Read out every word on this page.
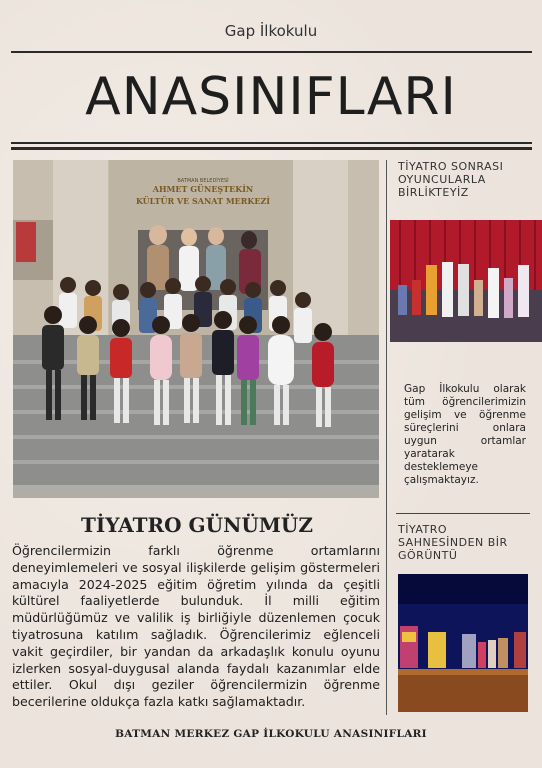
Gap İlkokulu
ANASINIFLARI
BATMAN BELEDİYESİ
AHMET GÜNEŞTEKİN
KÜLTÜR VE SANAT MERKEZİ
TİYATRO SONRASI OYUNCULARLA BİRLİKTEYİZ
Gap İlkokulu olarak tüm öğrencilerimizin gelişim ve öğrenme süreçlerini onlara uygun ortamlar yaratarak desteklemeye çalışmaktayız.
TİYATRO SAHNESİNDEN BİR GÖRÜNTÜ
TİYATRO GÜNÜMÜZ
Öğrencilermizin farklı öğrenme ortamlarını deneyimlemeleri ve sosyal ilişkilerde gelişim göstermeleri amacıyla 2024-2025 eğitim öğretim yılında da çeşitli kültürel faaliyetlerde bulunduk. İl milli eğitim müdürlüğümüz ve valilik iş birliğiyle düzenlemen çocuk tiyatrosuna katılım sağladık. Öğrencilerimiz eğlenceli vakit geçirdiler, bir yandan da arkadaşlık konulu oyunu izlerken sosyal-duygusal alanda faydalı kazanımlar elde ettiler. Okul dışı geziler öğrencilermizin öğrenme becerilerine oldukça fazla katkı sağlamaktadır.
BATMAN MERKEZ GAP İLKOKULU ANASINIFLARI
